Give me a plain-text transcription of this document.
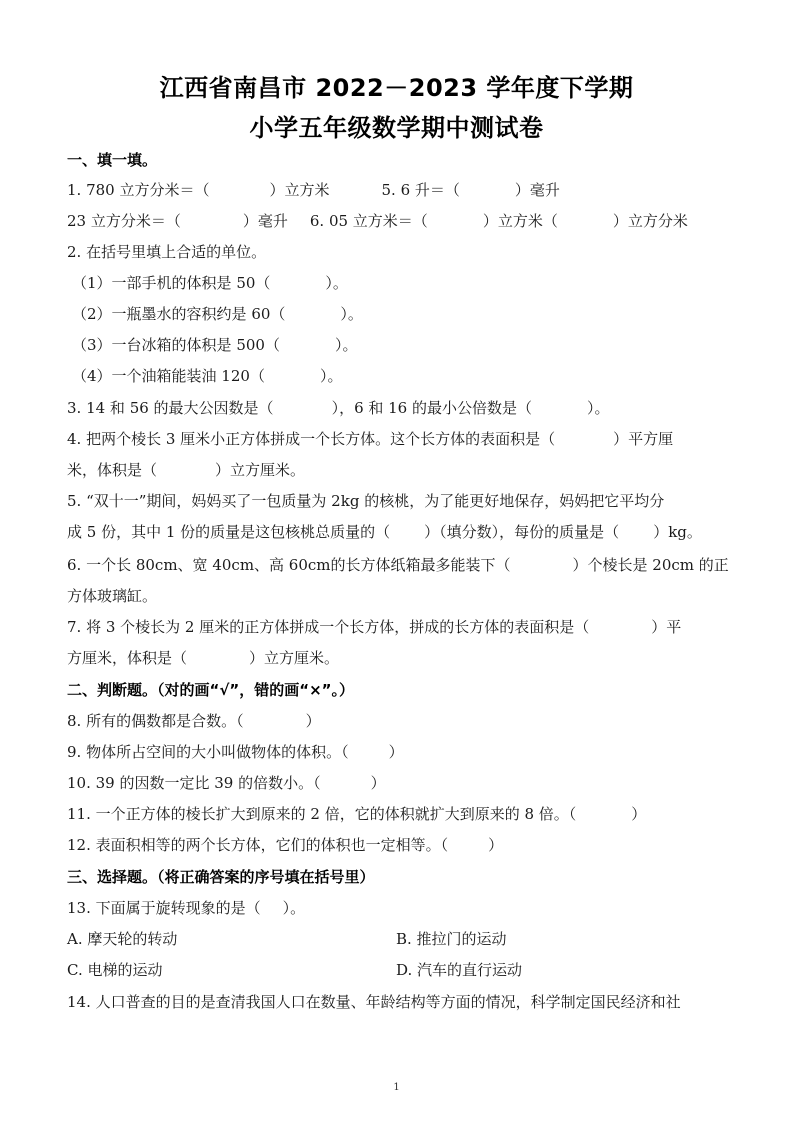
江西省南昌市 2022－2023 学年度下学期
小学五年级数学期中测试卷
一、填一填。
1. 780 立方分米＝（	）立方米	5. 6 升＝（	）毫升
23 立方分米＝（	）毫升 6. 05 立方米＝（	）立方米（	）立方分米
2. 在括号里填上合适的单位。
（1）一部手机的体积是 50（	）。
（2）一瓶墨水的容积约是 60（	）。
（3）一台冰箱的体积是 500（	）。
（4）一个油箱能装油 120（	）。
3. 14 和 56 的最大公因数是（	），6 和 16 的最小公倍数是（	）。
4. 把两个棱长 3 厘米小正方体拼成一个长方体。这个长方体的表面积是（	）平方厘
米，体积是（	）立方厘米。
5. “双十一”期间，妈妈买了一包质量为 2kg 的核桃，为了能更好地保存，妈妈把它平均分
成 5 份，其中 1 份的质量是这包核桃总质量的（ ）（填分数），每份的质量是（ ）kg。
6. 一个长 80cm、宽 40cm、高 60cm的长方体纸箱最多能装下（	）个棱长是 20cm 的正
方体玻璃缸。
7. 将 3 个棱长为 2 厘米的正方体拼成一个长方体，拼成的长方体的表面积是（	）平
方厘米，体积是（	）立方厘米。
二、判断题。（对的画“√”，错的画“×”。）
8. 所有的偶数都是合数。（	）
9. 物体所占空间的大小叫做物体的体积。（	）
10. 39 的因数一定比 39 的倍数小。（	）
11. 一个正方体的棱长扩大到原来的 2 倍，它的体积就扩大到原来的 8 倍。（	）
12. 表面积相等的两个长方体，它们的体积也一定相等。（	）
三、选择题。（将正确答案的序号填在括号里）
13. 下面属于旋转现象的是（ ）。
A. 摩天轮的转动	B. 推拉门的运动
C. 电梯的运动	D. 汽车的直行运动
14. 人口普查的目的是查清我国人口在数量、年龄结构等方面的情况，科学制定国民经济和社
1
